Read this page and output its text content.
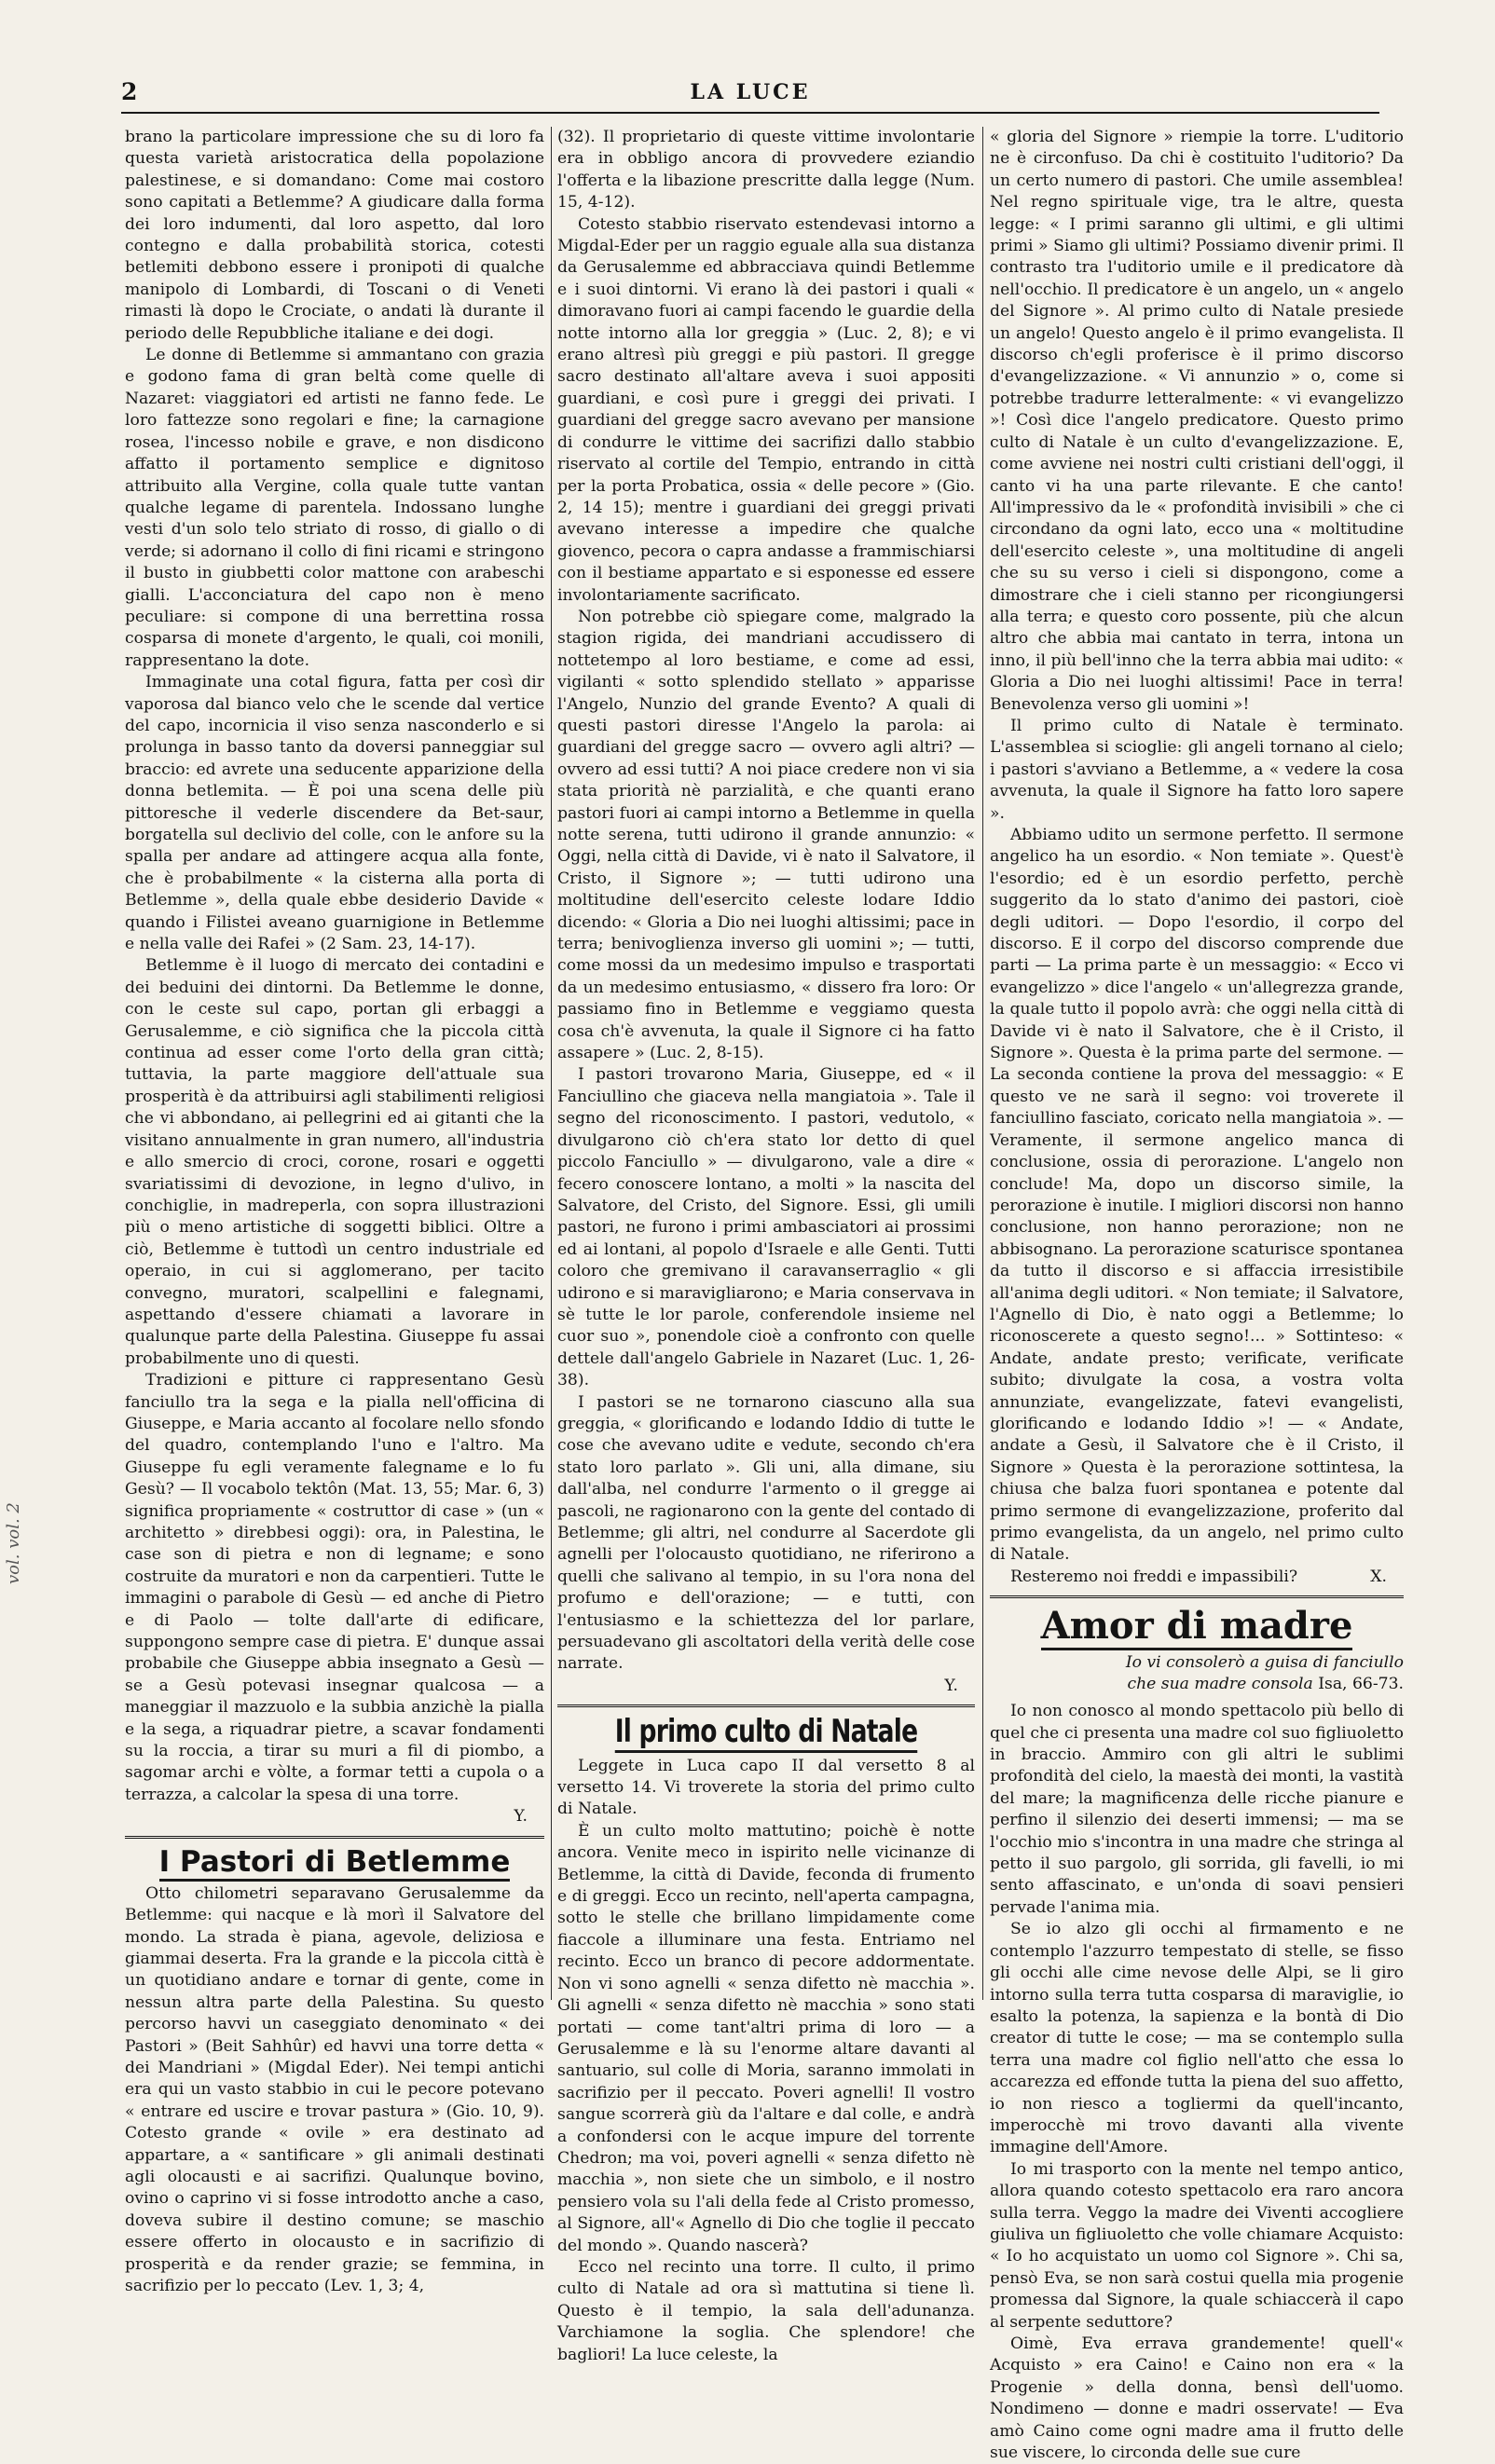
2	LA LUCE
vol. vol. 2

brano la particolare impressione che su di loro fa questa varietà aristocratica della popolazione palestinese, e si domandano: Come mai costoro sono capitati a Betlemme? A giudicare dalla forma dei loro indumenti, dal loro aspetto, dal loro contegno e dalla probabilità storica, cotesti betlemiti debbono essere i pronipoti di qualche manipolo di Lombardi, di Toscani o di Veneti rimasti là dopo le Crociate, o andati là durante il periodo delle Repubbliche italiane e dei dogi.

Le donne di Betlemme si ammantano con grazia e godono fama di gran beltà come quelle di Nazaret: viaggiatori ed artisti ne fanno fede. Le loro fattezze sono regolari e fine; la carnagione rosea, l'incesso nobile e grave, e non disdicono affatto il portamento semplice e dignitoso attribuito alla Vergine, colla quale tutte vantan qualche legame di parentela. Indossano lunghe vesti d'un solo telo striato di rosso, di giallo o di verde; si adornano il collo di fini ricami e stringono il busto in giubbetti color mattone con arabeschi gialli. L'acconciatura del capo non è meno peculiare: si compone di una berrettina rossa cosparsa di monete d'argento, le quali, coi monili, rappresentano la dote.

Immaginate una cotal figura, fatta per così dir vaporosa dal bianco velo che le scende dal vertice del capo, incornicia il viso senza nasconderlo e si prolunga in basso tanto da doversi panneggiar sul braccio: ed avrete una seducente apparizione della donna betlemita. — È poi una scena delle più pittoresche il vederle discendere da Bet-saur, borgatella sul declivio del colle, con le anfore su la spalla per andare ad attingere acqua alla fonte, che è probabilmente « la cisterna alla porta di Betlemme », della quale ebbe desiderio Davide « quando i Filistei aveano guarnigione in Betlemme e nella valle dei Rafei » (2 Sam. 23, 14-17).

Betlemme è il luogo di mercato dei contadini e dei beduini dei dintorni. Da Betlemme le donne, con le ceste sul capo, portan gli erbaggi a Gerusalemme, e ciò significa che la piccola città continua ad esser come l'orto della gran città; tuttavia, la parte maggiore dell'attuale sua prosperità è da attribuirsi agli stabilimenti religiosi che vi abbondano, ai pellegrini ed ai gitanti che la visitano annualmente in gran numero, all'industria e allo smercio di croci, corone, rosari e oggetti svariatissimi di devozione, in legno d'ulivo, in conchiglie, in madreperla, con sopra illustrazioni più o meno artistiche di soggetti biblici. Oltre a ciò, Betlemme è tuttodì un centro industriale ed operaio, in cui si agglomerano, per tacito convegno, muratori, scalpellini e falegnami, aspettando d'essere chiamati a lavorare in qualunque parte della Palestina. Giuseppe fu assai probabilmente uno di questi.

Tradizioni e pitture ci rappresentano Gesù fanciullo tra la sega e la pialla nell'officina di Giuseppe, e Maria accanto al focolare nello sfondo del quadro, contemplando l'uno e l'altro. Ma Giuseppe fu egli veramente falegname e lo fu Gesù? — Il vocabolo tektôn (Mat. 13, 55; Mar. 6, 3) significa propriamente « costruttor di case » (un « architetto » direbbesi oggi): ora, in Palestina, le case son di pietra e non di legname; e sono costruite da muratori e non da carpentieri. Tutte le immagini o parabole di Gesù — ed anche di Pietro e di Paolo — tolte dall'arte di edificare, suppongono sempre case di pietra. E' dunque assai probabile che Giuseppe abbia insegnato a Gesù — se a Gesù potevasi insegnar qualcosa — a maneggiar il mazzuolo e la subbia anzichè la pialla e la sega, a riquadrar pietre, a scavar fondamenti su la roccia, a tirar su muri a fil di piombo, a sagomar archi e vòlte, a formar tetti a cupola o a terrazza, a calcolar la spesa di una torre.

Y.

I Pastori di Betlemme

Otto chilometri separavano Gerusalemme da Betlemme: qui nacque e là morì il Salvatore del mondo. La strada è piana, agevole, deliziosa e giammai deserta. Fra la grande e la piccola città è un quotidiano andare e tornar di gente, come in nessun altra parte della Palestina. Su questo percorso havvi un caseggiato denominato « dei Pastori » (Beit Sahhûr) ed havvi una torre detta « dei Mandriani » (Migdal Eder). Nei tempi antichi era qui un vasto stabbio in cui le pecore potevano « entrare ed uscire e trovar pastura » (Gio. 10, 9). Cotesto grande « ovile » era destinato ad appartare, a « santificare » gli animali destinati agli olocausti e ai sacrifizi. Qualunque bovino, ovino o caprino vi si fosse introdotto anche a caso, doveva subire il destino comune; se maschio essere offerto in olocausto e in sacrifizio di prosperità e da render grazie; se femmina, in sacrifizio per lo peccato (Lev. 1, 3; 4,

(32). Il proprietario di queste vittime involontarie era in obbligo ancora di provvedere eziandio l'offerta e la libazione prescritte dalla legge (Num. 15, 4-12).

Cotesto stabbio riservato estendevasi intorno a Migdal-Eder per un raggio eguale alla sua distanza da Gerusalemme ed abbracciava quindi Betlemme e i suoi dintorni. Vi erano là dei pastori i quali « dimoravano fuori ai campi facendo le guardie della notte intorno alla lor greggia » (Luc. 2, 8); e vi erano altresì più greggi e più pastori. Il gregge sacro destinato all'altare aveva i suoi appositi guardiani, e così pure i greggi dei privati. I guardiani del gregge sacro avevano per mansione di condurre le vittime dei sacrifizi dallo stabbio riservato al cortile del Tempio, entrando in città per la porta Probatica, ossia « delle pecore » (Gio. 2, 14 15); mentre i guardiani dei greggi privati avevano interesse a impedire che qualche giovenco, pecora o capra andasse a frammischiarsi con il bestiame appartato e si esponesse ed essere involontariamente sacrificato.

Non potrebbe ciò spiegare come, malgrado la stagion rigida, dei mandriani accudissero di nottetempo al loro bestiame, e come ad essi, vigilanti « sotto splendido stellato » apparisse l'Angelo, Nunzio del grande Evento? A quali di questi pastori diresse l'Angelo la parola: ai guardiani del gregge sacro — ovvero agli altri? — ovvero ad essi tutti? A noi piace credere non vi sia stata priorità nè parzialità, e che quanti erano pastori fuori ai campi intorno a Betlemme in quella notte serena, tutti udirono il grande annunzio: « Oggi, nella città di Davide, vi è nato il Salvatore, il Cristo, il Signore »; — tutti udirono una moltitudine dell'esercito celeste lodare Iddio dicendo: « Gloria a Dio nei luoghi altissimi; pace in terra; benivoglienza inverso gli uomini »; — tutti, come mossi da un medesimo impulso e trasportati da un medesimo entusiasmo, « dissero fra loro: Or passiamo fino in Betlemme e veggiamo questa cosa ch'è avvenuta, la quale il Signore ci ha fatto assapere » (Luc. 2, 8-15).

I pastori trovarono Maria, Giuseppe, ed « il Fanciullino che giaceva nella mangiatoia ». Tale il segno del riconoscimento. I pastori, vedutolo, « divulgarono ciò ch'era stato lor detto di quel piccolo Fanciullo » — divulgarono, vale a dire « fecero conoscere lontano, a molti » la nascita del Salvatore, del Cristo, del Signore. Essi, gli umili pastori, ne furono i primi ambasciatori ai prossimi ed ai lontani, al popolo d'Israele e alle Genti. Tutti coloro che gremivano il caravanserraglio « gli udirono e si maravigliarono; e Maria conservava in sè tutte le lor parole, conferendole insieme nel cuor suo », ponendole cioè a confronto con quelle dettele dall'angelo Gabriele in Nazaret (Luc. 1, 26-38).

I pastori se ne tornarono ciascuno alla sua greggia, « glorificando e lodando Iddio di tutte le cose che avevano udite e vedute, secondo ch'era stato loro parlato ». Gli uni, alla dimane, siu dall'alba, nel condurre l'armento o il gregge ai pascoli, ne ragionarono con la gente del contado di Betlemme; gli altri, nel condurre al Sacerdote gli agnelli per l'olocausto quotidiano, ne riferirono a quelli che salivano al tempio, in su l'ora nona del profumo e dell'orazione; — e tutti, con l'entusiasmo e la schiettezza del lor parlare, persuadevano gli ascoltatori della verità delle cose narrate.

Y.

Il primo culto di Natale

Leggete in Luca capo II dal versetto 8 al versetto 14. Vi troverete la storia del primo culto di Natale.

È un culto molto mattutino; poichè è notte ancora. Venite meco in ispirito nelle vicinanze di Betlemme, la città di Davide, feconda di frumento e di greggi. Ecco un recinto, nell'aperta campagna, sotto le stelle che brillano limpidamente come fiaccole a illuminare una festa. Entriamo nel recinto. Ecco un branco di pecore addormentate. Non vi sono agnelli « senza difetto nè macchia ». Gli agnelli « senza difetto nè macchia » sono stati portati — come tant'altri prima di loro — a Gerusalemme e là su l'enorme altare davanti al santuario, sul colle di Moria, saranno immolati in sacrifizio per il peccato. Poveri agnelli! Il vostro sangue scorrerà giù da l'altare e dal colle, e andrà a confondersi con le acque impure del torrente Chedron; ma voi, poveri agnelli « senza difetto nè macchia », non siete che un simbolo, e il nostro pensiero vola su l'ali della fede al Cristo promesso, al Signore, all'« Agnello di Dio che toglie il peccato del mondo ». Quando nascerà?

Ecco nel recinto una torre. Il culto, il primo culto di Natale ad ora sì mattutina si tiene lì. Questo è il tempio, la sala dell'adunanza. Varchiamone la soglia. Che splendore! che bagliori! La luce celeste, la

« gloria del Signore » riempie la torre. L'uditorio ne è circonfuso. Da chi è costituito l'uditorio? Da un certo numero di pastori. Che umile assemblea! Nel regno spirituale vige, tra le altre, questa legge: « I primi saranno gli ultimi, e gli ultimi primi » Siamo gli ultimi? Possiamo divenir primi. Il contrasto tra l'uditorio umile e il predicatore dà nell'occhio. Il predicatore è un angelo, un « angelo del Signore ». Al primo culto di Natale presiede un angelo! Questo angelo è il primo evangelista. Il discorso ch'egli proferisce è il primo discorso d'evangelizzazione. « Vi annunzio » o, come si potrebbe tradurre letteralmente: « vi evangelizzo »! Così dice l'angelo predicatore. Questo primo culto di Natale è un culto d'evangelizzazione. E, come avviene nei nostri culti cristiani dell'oggi, il canto vi ha una parte rilevante. E che canto! All'impressivo da le « profondità invisibili » che ci circondano da ogni lato, ecco una « moltitudine dell'esercito celeste », una moltitudine di angeli che su su verso i cieli si dispongono, come a dimostrare che i cieli stanno per ricongiungersi alla terra; e questo coro possente, più che alcun altro che abbia mai cantato in terra, intona un inno, il più bell'inno che la terra abbia mai udito: « Gloria a Dio nei luoghi altissimi! Pace in terra! Benevolenza verso gli uomini »!

Il primo culto di Natale è terminato. L'assemblea si scioglie: gli angeli tornano al cielo; i pastori s'avviano a Betlemme, a « vedere la cosa avvenuta, la quale il Signore ha fatto loro sapere ».

Abbiamo udito un sermone perfetto. Il sermone angelico ha un esordio. « Non temiate ». Quest'è l'esordio; ed è un esordio perfetto, perchè suggerito da lo stato d'animo dei pastori, cioè degli uditori. — Dopo l'esordio, il corpo del discorso. E il corpo del discorso comprende due parti — La prima parte è un messaggio: « Ecco vi evangelizzo » dice l'angelo « un'allegrezza grande, la quale tutto il popolo avrà: che oggi nella città di Davide vi è nato il Salvatore, che è il Cristo, il Signore ». Questa è la prima parte del sermone. — La seconda contiene la prova del messaggio: « E questo ve ne sarà il segno: voi troverete il fanciullino fasciato, coricato nella mangiatoia ». — Veramente, il sermone angelico manca di conclusione, ossia di perorazione. L'angelo non conclude! Ma, dopo un discorso simile, la perorazione è inutile. I migliori discorsi non hanno conclusione, non hanno perorazione; non ne abbisognano. La perorazione scaturisce spontanea da tutto il discorso e si affaccia irresistibile all'anima degli uditori. « Non temiate; il Salvatore, l'Agnello di Dio, è nato oggi a Betlemme; lo riconoscerete a questo segno!... » Sottinteso: « Andate, andate presto; verificate, verificate subito; divulgate la cosa, a vostra volta annunziate, evangelizzate, fatevi evangelisti, glorificando e lodando Iddio »! — « Andate, andate a Gesù, il Salvatore che è il Cristo, il Signore » Questa è la perorazione sottintesa, la chiusa che balza fuori spontanea e potente dal primo sermone di evangelizzazione, proferito dal primo evangelista, da un angelo, nel primo culto di Natale.

Resteremo noi freddi e impassibili?	X.

Amor di madre
Io vi consolerò a guisa di fanciullo
che sua madre consola Isa, 66-73.

Io non conosco al mondo spettacolo più bello di quel che ci presenta una madre col suo figliuoletto in braccio. Ammiro con gli altri le sublimi profondità del cielo, la maestà dei monti, la vastità del mare; la magnificenza delle ricche pianure e perfino il silenzio dei deserti immensi; — ma se l'occhio mio s'incontra in una madre che stringa al petto il suo pargolo, gli sorrida, gli favelli, io mi sento affascinato, e un'onda di soavi pensieri pervade l'anima mia.

Se io alzo gli occhi al firmamento e ne contemplo l'azzurro tempestato di stelle, se fisso gli occhi alle cime nevose delle Alpi, se li giro intorno sulla terra tutta cosparsa di maraviglie, io esalto la potenza, la sapienza e la bontà di Dio creator di tutte le cose; — ma se contemplo sulla terra una madre col figlio nell'atto che essa lo accarezza ed effonde tutta la piena del suo affetto, io non riesco a togliermi da quell'incanto, imperocchè mi trovo davanti alla vivente immagine dell'Amore.

Io mi trasporto con la mente nel tempo antico, allora quando cotesto spettacolo era raro ancora sulla terra. Veggo la madre dei Viventi accogliere giuliva un figliuoletto che volle chiamare Acquisto: « Io ho acquistato un uomo col Signore ». Chi sa, pensò Eva, se non sarà costui quella mia progenie promessa dal Signore, la quale schiaccerà il capo al serpente seduttore?

Oimè, Eva errava grandemente! quell'« Acquisto » era Caino! e Caino non era « la Progenie » della donna, bensì dell'uomo. Nondimeno — donne e madri osservate! — Eva amò Caino come ogni madre ama il frutto delle sue viscere, lo circonda delle sue cure
